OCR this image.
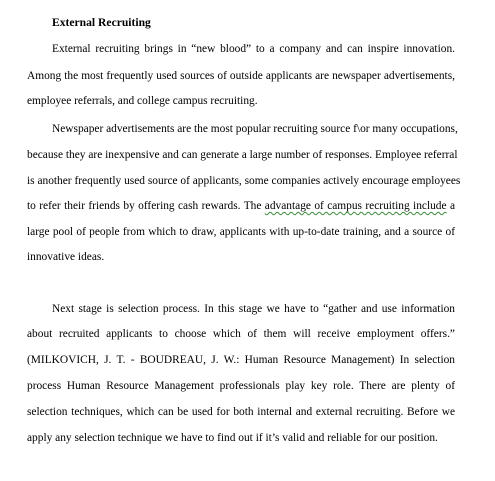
External Recruiting
External recruiting brings in “new blood” to a company and can inspire innovation.
Among the most frequently used sources of outside applicants are newspaper advertisements,
employee referrals, and college campus recruiting.
Newspaper advertisements are the most popular recruiting source f\or many occupations,
because they are inexpensive and can generate a large number of responses. Employee referral
is another frequently used source of applicants, some companies actively encourage employees
to refer their friends by offering cash rewards. The advantage of campus recruiting include a
large pool of people from which to draw, applicants with up-to-date training, and a source of
innovative ideas.
Next stage is selection process. In this stage we have to “gather and use information
about recruited applicants to choose which of them will receive employment offers.”
(MILKOVICH, J. T. - BOUDREAU, J. W.: Human Resource Management) In selection
process Human Resource Management professionals play key role. There are plenty of
selection techniques, which can be used for both internal and external recruiting. Before we
apply any selection technique we have to find out if it’s valid and reliable for our position.
